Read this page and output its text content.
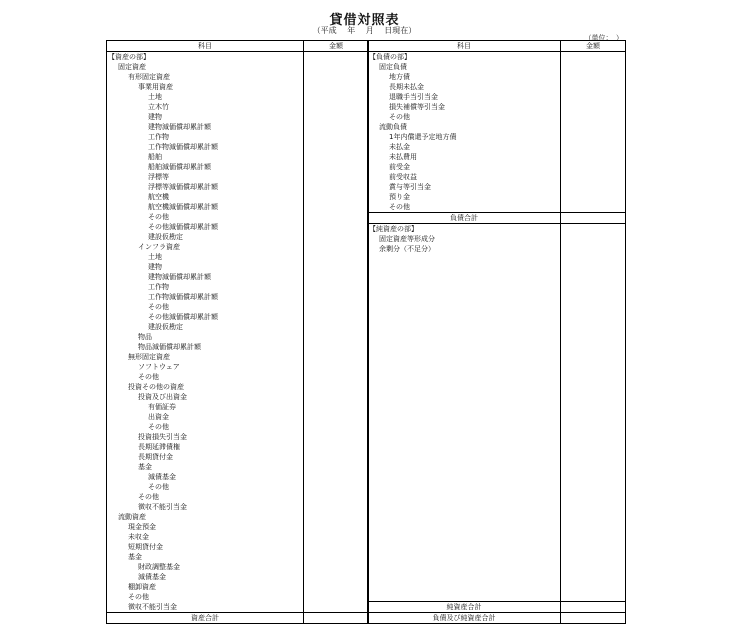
貸借対照表
（平成　 年　 月　 日現在）
（単位：　）
科目	金額
【資産の部】
固定資産
有形固定資産
事業用資産
土地
立木竹
建物
建物減価償却累計額
工作物
工作物減価償却累計額
船舶
船舶減価償却累計額
浮標等
浮標等減価償却累計額
航空機
航空機減価償却累計額
その他
その他減価償却累計額
建設仮勘定
インフラ資産
土地
建物
建物減価償却累計額
工作物
工作物減価償却累計額
その他
その他減価償却累計額
建設仮勘定
物品
物品減価償却累計額
無形固定資産
ソフトウェア
その他
投資その他の資産
投資及び出資金
有価証券
出資金
その他
投資損失引当金
長期延滞債権
長期貸付金
基金
減債基金
その他
その他
徴収不能引当金
流動資産
現金預金
未収金
短期貸付金
基金
財政調整基金
減債基金
棚卸資産
その他
徴収不能引当金
資産合計
科目	金額
【負債の部】
固定負債
地方債
長期未払金
退職手当引当金
損失補償等引当金
その他
流動負債
1年内償還予定地方債
未払金
未払費用
前受金
前受収益
賞与等引当金
預り金
その他
負債合計
【純資産の部】
固定資産等形成分
余剰分（不足分）
純資産合計
負債及び純資産合計
